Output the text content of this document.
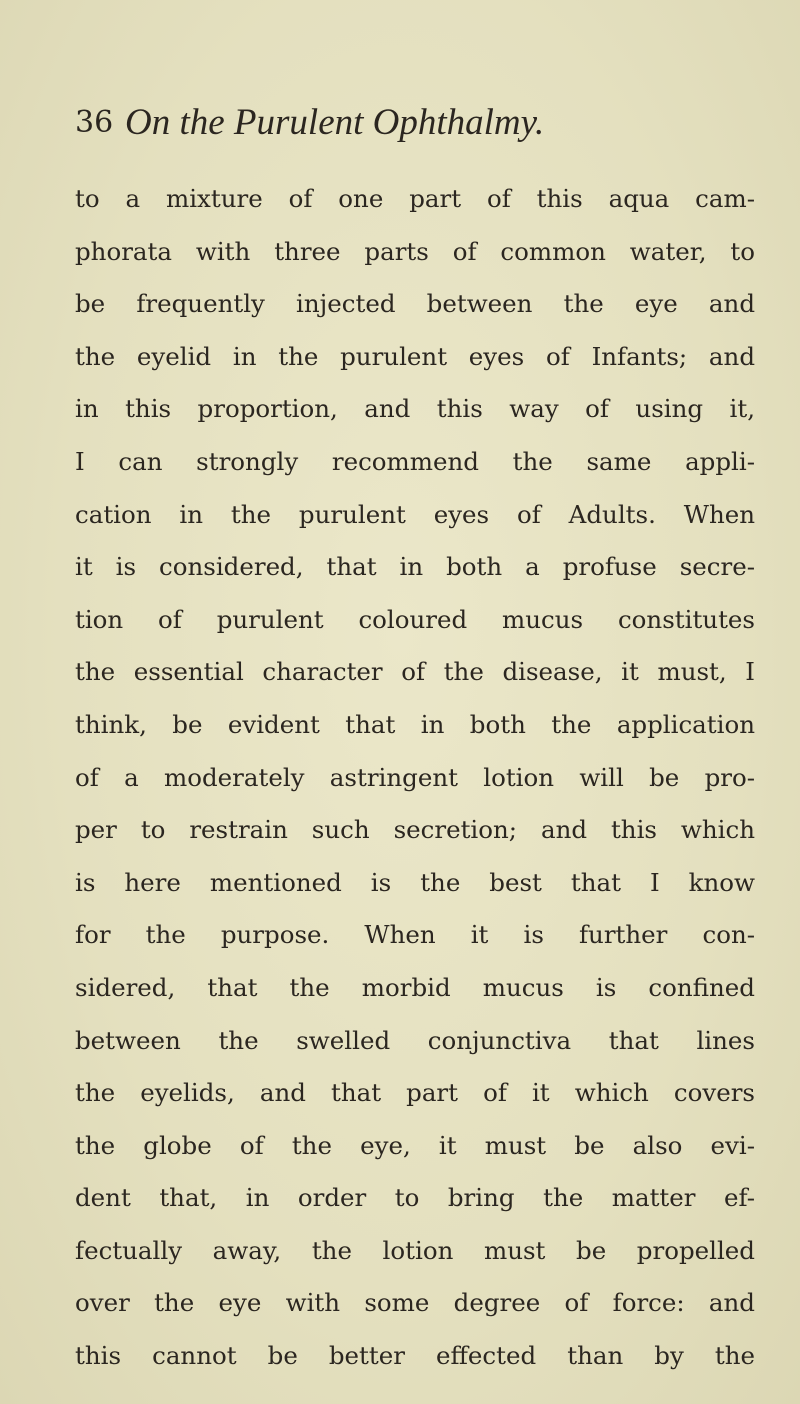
36 On the Purulent Ophthalmy.
to a mixture of one part of this aqua cam-
phorata with three parts of common water, to
be frequently injected between the eye and
the eyelid in the purulent eyes of Infants; and
in this proportion, and this way of using it,
I can strongly recommend the same appli-
cation in the purulent eyes of Adults. When
it is considered, that in both a profuse secre-
tion of purulent coloured mucus constitutes
the essential character of the disease, it must, I
think, be evident that in both the application
of a moderately astringent lotion will be pro-
per to restrain such secretion; and this which
is here mentioned is the best that I know
for the purpose. When it is further con-
sidered, that the morbid mucus is confined
between the swelled conjunctiva that lines
the eyelids, and that part of it which covers
the globe of the eye, it must be also evi-
dent that, in order to bring the matter ef-
fectually away, the lotion must be propelled
over the eye with some degree of force: and
this cannot be better effected than by the
